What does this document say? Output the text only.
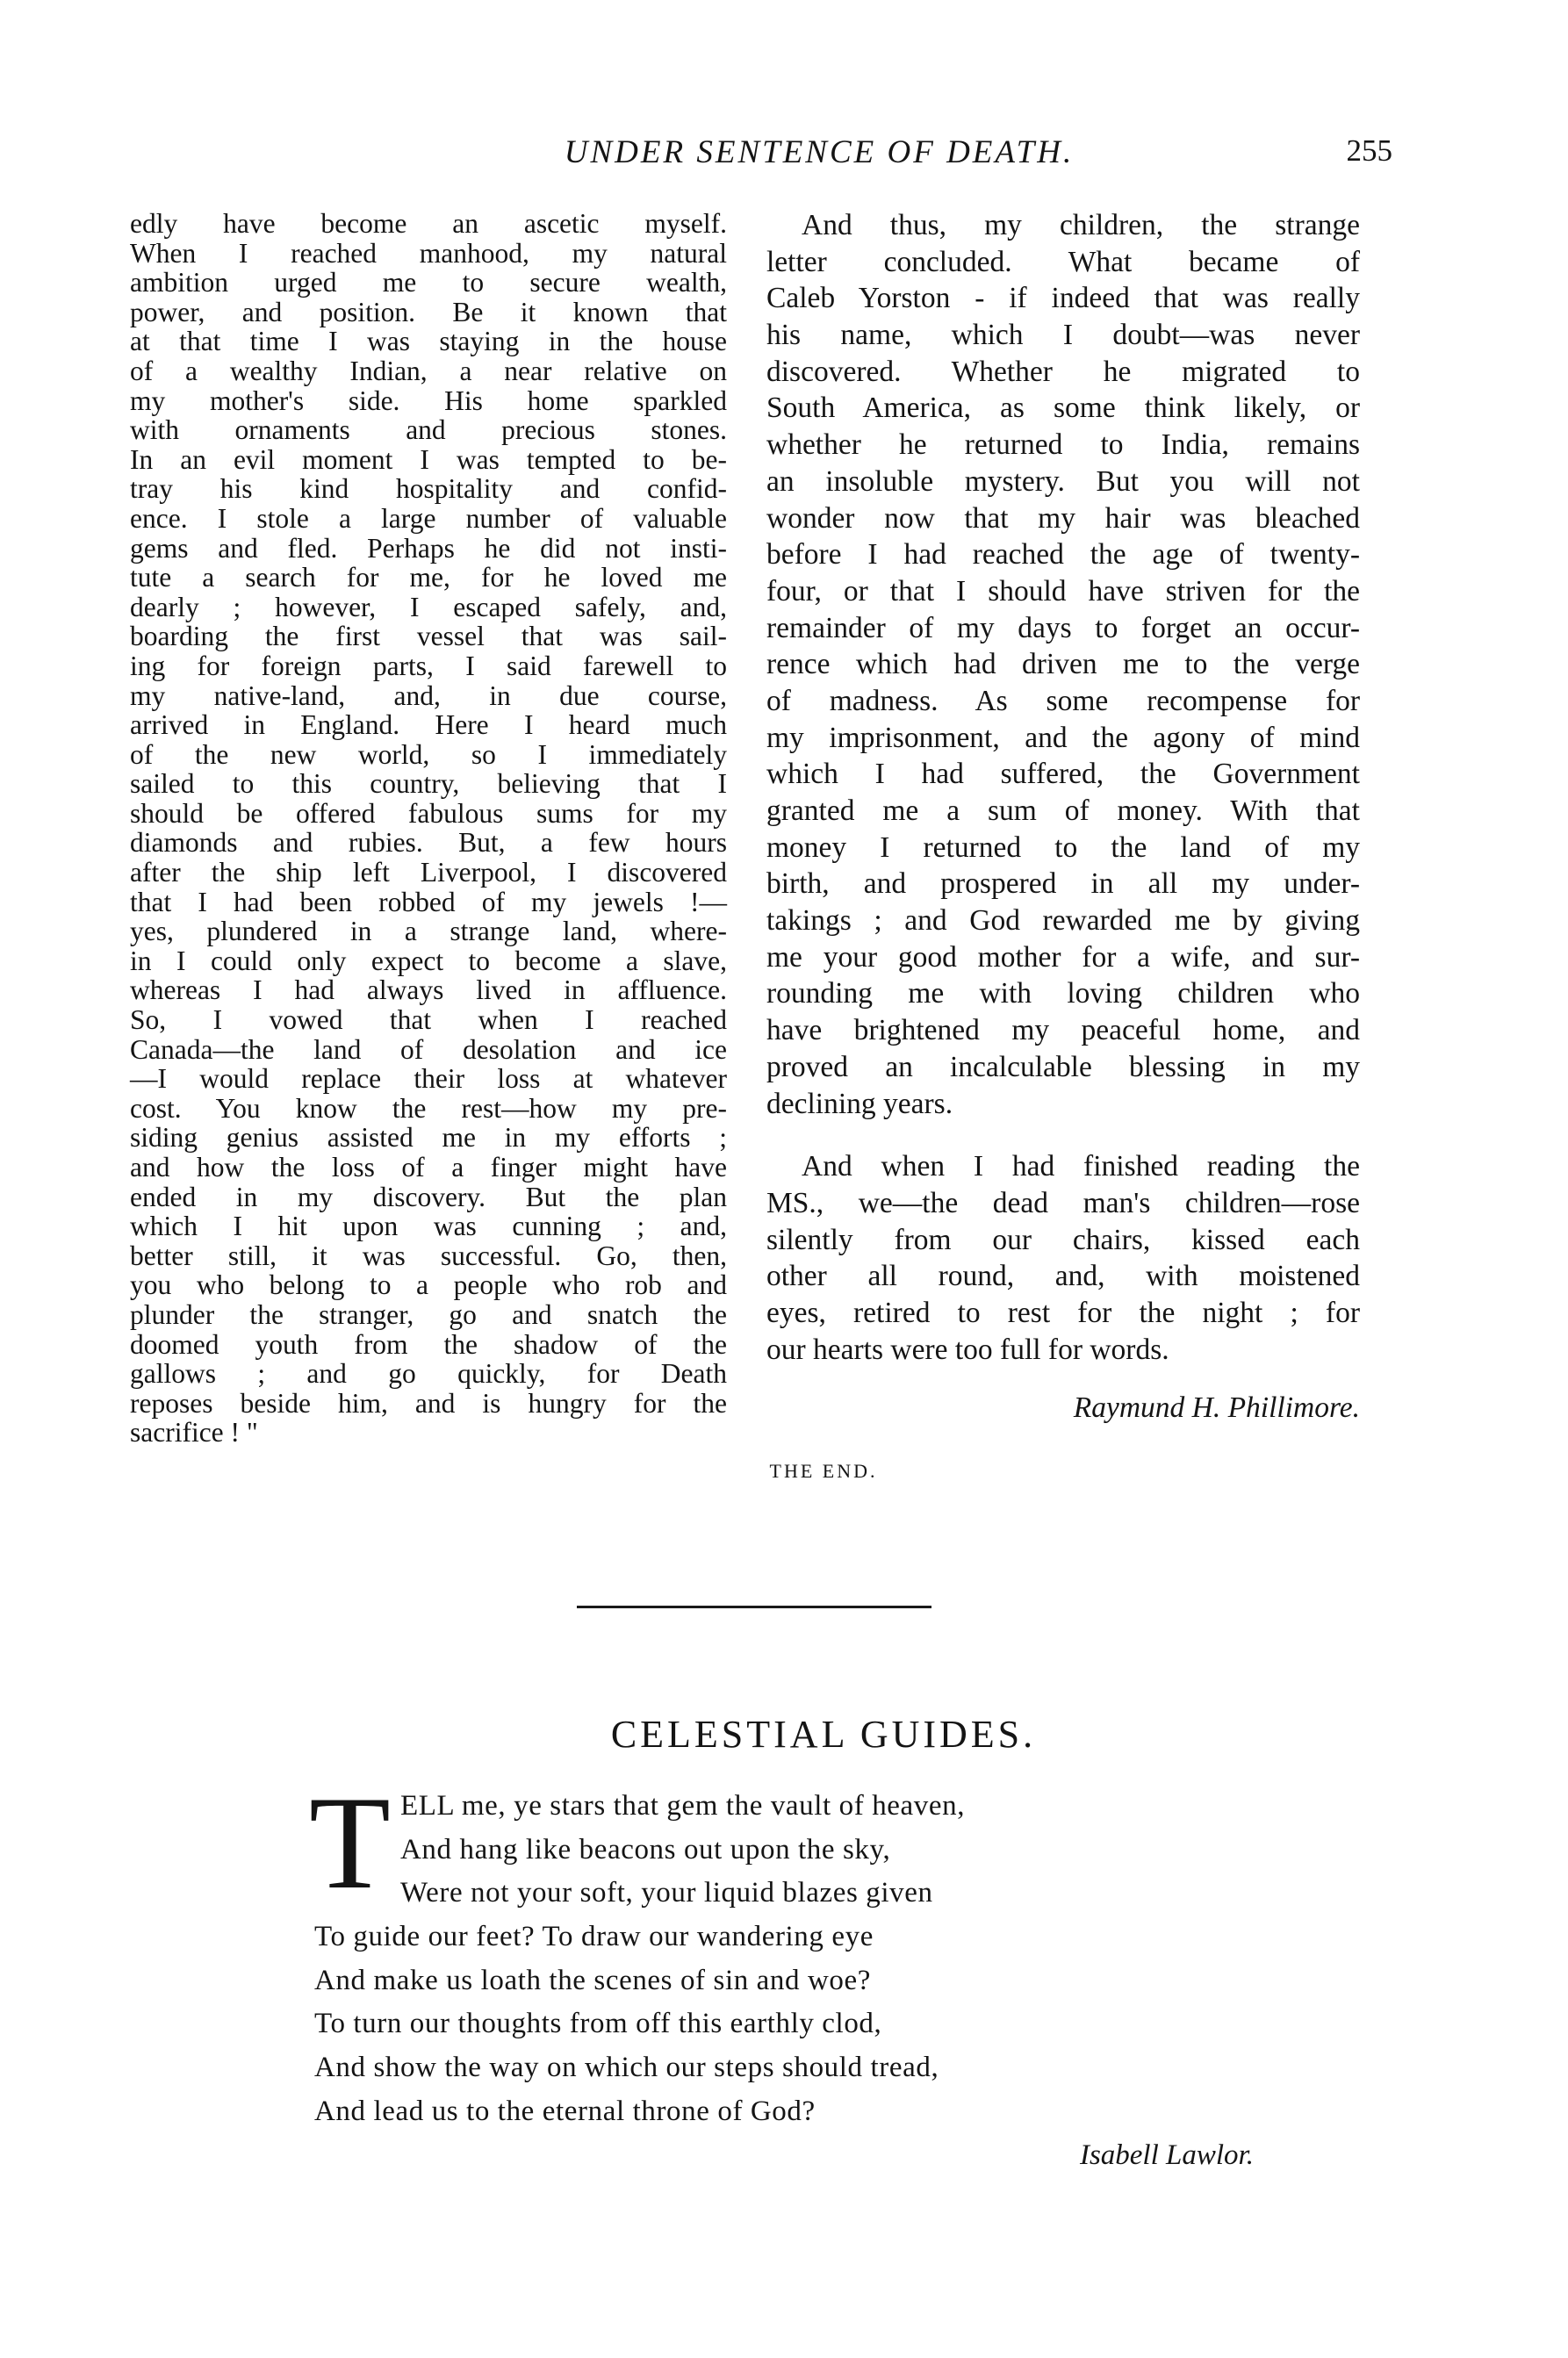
UNDER SENTENCE OF DEATH.	255
edly have become an ascetic myself.
When I reached manhood, my natural
ambition urged me to secure wealth,
power, and position. Be it known that
at that time I was staying in the house
of a wealthy Indian, a near relative on
my mother's side. His home sparkled
with ornaments and precious stones.
In an evil moment I was tempted to be-
tray his kind hospitality and confid-
ence. I stole a large number of valuable
gems and fled. Perhaps he did not insti-
tute a search for me, for he loved me
dearly ; however, I escaped safely, and,
boarding the first vessel that was sail-
ing for foreign parts, I said farewell to
my native-land, and, in due course,
arrived in England. Here I heard much
of the new world, so I immediately
sailed to this country, believing that I
should be offered fabulous sums for my
diamonds and rubies. But, a few hours
after the ship left Liverpool, I discovered
that I had been robbed of my jewels !—
yes, plundered in a strange land, where-
in I could only expect to become a slave,
whereas I had always lived in affluence.
So, I vowed that when I reached
Canada—the land of desolation and ice
—I would replace their loss at whatever
cost. You know the rest—how my pre-
siding genius assisted me in my efforts ;
and how the loss of a finger might have
ended in my discovery. But the plan
which I hit upon was cunning ; and,
better still, it was successful. Go, then,
you who belong to a people who rob and
plunder the stranger, go and snatch the
doomed youth from the shadow of the
gallows ; and go quickly, for Death
reposes beside him, and is hungry for the
sacrifice ! "
And thus, my children, the strange
letter concluded. What became of
Caleb Yorston - if indeed that was really
his name, which I doubt—was never
discovered. Whether he migrated to
South America, as some think likely, or
whether he returned to India, remains
an insoluble mystery. But you will not
wonder now that my hair was bleached
before I had reached the age of twenty-
four, or that I should have striven for the
remainder of my days to forget an occur-
rence which had driven me to the verge
of madness. As some recompense for
my imprisonment, and the agony of mind
which I had suffered, the Government
granted me a sum of money. With that
money I returned to the land of my
birth, and prospered in all my under-
takings ; and God rewarded me by giving
me your good mother for a wife, and sur-
rounding me with loving children who
have brightened my peaceful home, and
proved an incalculable blessing in my
declining years.
And when I had finished reading the
MS., we—the dead man's children—rose
silently from our chairs, kissed each
other all round, and, with moistened
eyes, retired to rest for the night ; for
our hearts were too full for words.
Raymund H. Phillimore.
THE END.
CELESTIAL GUIDES.
T ELL me, ye stars that gem the vault of heaven,
And hang like beacons out upon the sky,
Were not your soft, your liquid blazes given
To guide our feet? To draw our wandering eye
And make us loath the scenes of sin and woe?
To turn our thoughts from off this earthly clod,
And show the way on which our steps should tread,
And lead us to the eternal throne of God?
Isabell Lawlor.
